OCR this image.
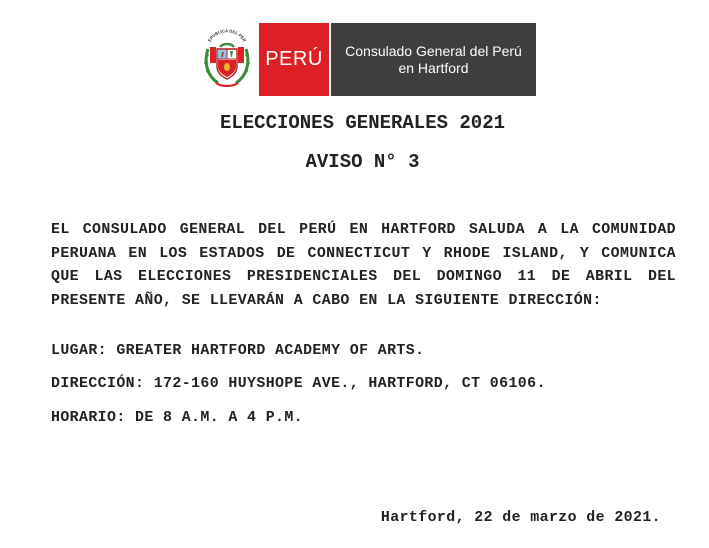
EPUBLICA DEL PER
PERÚ Consulado General del Perú
en Hartford
ELECCIONES GENERALES 2021
AVISO N° 3

EL CONSULADO GENERAL DEL PERÚ EN HARTFORD SALUDA A LA COMUNIDAD PERUANA EN LOS ESTADOS DE CONNECTICUT Y RHODE ISLAND, Y COMUNICA QUE LAS ELECCIONES PRESIDENCIALES DEL DOMINGO 11 DE ABRIL DEL PRESENTE AÑO, SE LLEVARÁN A CABO EN LA SIGUIENTE DIRECCIÓN:

LUGAR: GREATER HARTFORD ACADEMY OF ARTS.
DIRECCIÓN: 172-160 HUYSHOPE AVE., HARTFORD, CT 06106.
HORARIO: DE 8 A.M. A 4 P.M.
Hartford, 22 de marzo de 2021.
